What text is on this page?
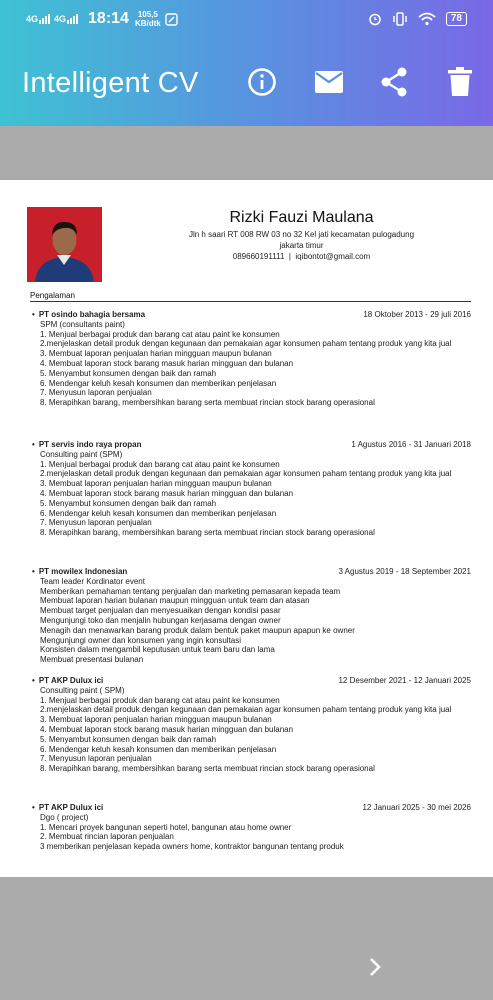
4G 4G 18:14	105,5
KB/dtk	78
Intelligent CV
Rizki Fauzi Maulana
Jln h saari RT 008 RW 03 no 32 Kel jati kecamatan pulogadung
jakarta timur
089660191111 | iqibontot@gmail.com
Pengalaman
• PT osindo bahagia bersama	18 Oktober 2013 - 29 juli 2016
SPM (consultants paint)
1. Menjual berbagai produk dan barang cat atau paint ke konsumen
2.menjelaskan detail produk dengan kegunaan dan pemakaian agar konsumen paham tentang produk yang kita jual
3. Membuat laporan penjualan harian mingguan maupun bulanan
4. Membuat laporan stock barang masuk harian mingguan dan bulanan
5. Menyambut konsumen dengan baik dan ramah
6. Mendengar keluh kesah konsumen dan memberikan penjelasan
7. Menyusun laporan penjualan
8. Merapihkan barang, membersihkan barang serta membuat rincian stock barang operasional
• PT servis indo raya propan	1 Agustus 2016 - 31 Januari 2018
Consulting paint (SPM)
1. Menjual berbagai produk dan barang cat atau paint ke konsumen
2.menjelaskan detail produk dengan kegunaan dan pemakaian agar konsumen paham tentang produk yang kita jual
3. Membuat laporan penjualan harian mingguan maupun bulanan
4. Membuat laporan stock barang masuk harian mingguan dan bulanan
5. Menyambut konsumen dengan baik dan ramah
6. Mendengar keluh kesah konsumen dan memberikan penjelasan
7. Menyusun laporan penjualan
8. Merapihkan barang, membersihkan barang serta membuat rincian stock barang operasional
• PT mowilex Indonesian	3 Agustus 2019 - 18 September 2021
Team leader Kordinator event
Memberikan pemahaman tentang penjualan dan marketing pemasaran kepada team
Membuat laporan harian bulanan maupun mingguan untuk team dan atasan
Membuat target penjualan dan menyesuaikan dengan kondisi pasar
Mengunjungi toko dan menjalin hubungan kerjasama dengan owner
Menagih dan menawarkan barang produk dalam bentuk paket maupun apapun ke owner
Mengunjungi owner dan konsumen yang ingin konsultasi
Konsisten dalam mengambil keputusan untuk team baru dan lama
Membuat presentasi bulanan
• PT AKP Dulux ici	12 Desember 2021 - 12 Januari 2025
Consulting paint ( SPM)
1. Menjual berbagai produk dan barang cat atau paint ke konsumen
2.menjelaskan detail produk dengan kegunaan dan pemakaian agar konsumen paham tentang produk yang kita jual
3. Membuat laporan penjualan harian mingguan maupun bulanan
4. Membuat laporan stock barang masuk harian mingguan dan bulanan
5. Menyambut konsumen dengan baik dan ramah
6. Mendengar keluh kesah konsumen dan memberikan penjelasan
7. Menyusun laporan penjualan
8. Merapihkan barang, membersihkan barang serta membuat rincian stock barang operasional
• PT AKP Dulux ici	12 Januari 2025 - 30 mei 2026
Dgo ( project)
1. Mencari proyek bangunan seperti hotel, bangunan atau home owner
2. Membuat rincian laporan penjualan
3 memberikan penjelasan kepada owners home, kontraktor bangunan tentang produk
